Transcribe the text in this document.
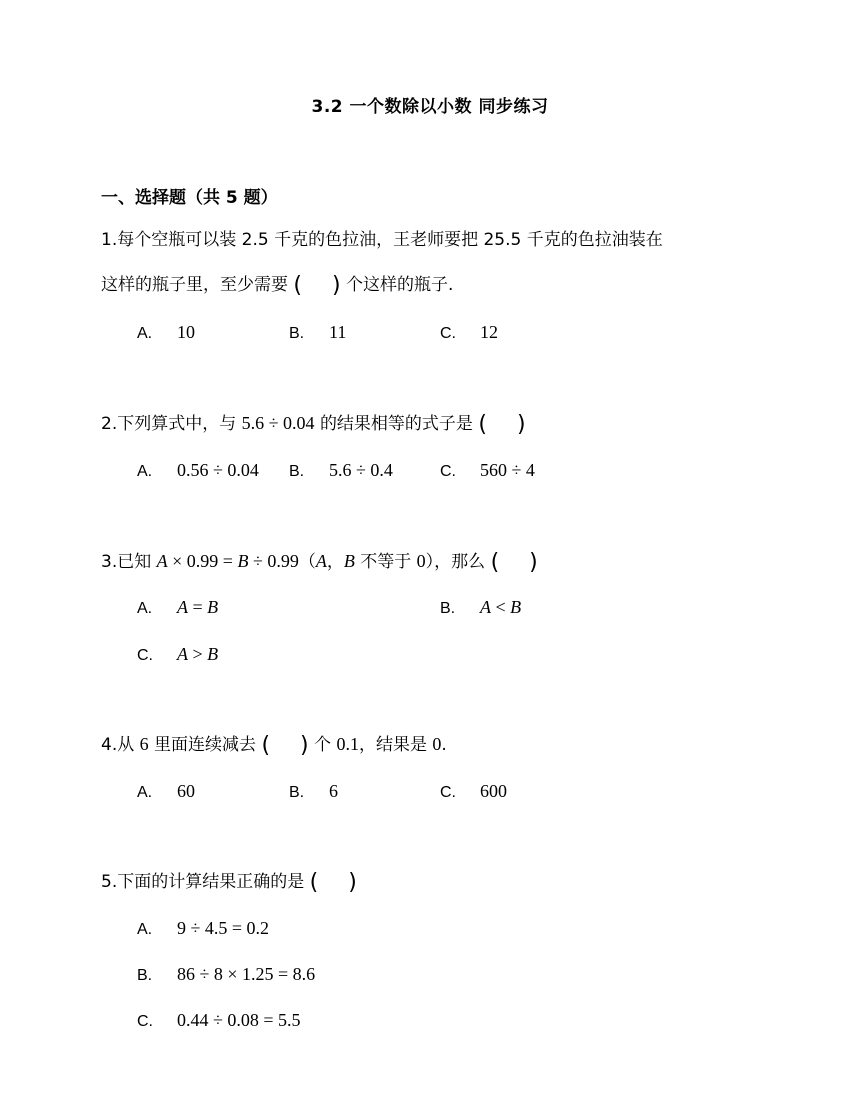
3.2 一个数除以小数 同步练习
一、选择题（共 5 题）
1.每个空瓶可以装 2.5 千克的色拉油，王老师要把 25.5 千克的色拉油装在
这样的瓶子里，至少需要 ( ) 个这样的瓶子.
A. 10	B. 11	C. 12
2.下列算式中，与 5.6 ÷ 0.04 的结果相等的式子是 ( )
A. 0.56 ÷ 0.04 B. 5.6 ÷ 0.4	C. 560 ÷ 4
3.已知 A × 0.99 = B ÷ 0.99（A，B 不等于 0），那么 ( )
A. A = B	B. A < B
C. A > B
4.从 6 里面连续减去 ( ) 个 0.1，结果是 0.
A. 60	B. 6	C. 600
5.下面的计算结果正确的是 ( )
A. 9 ÷ 4.5 = 0.2
B. 86 ÷ 8 × 1.25 = 8.6
C. 0.44 ÷ 0.08 = 5.5
